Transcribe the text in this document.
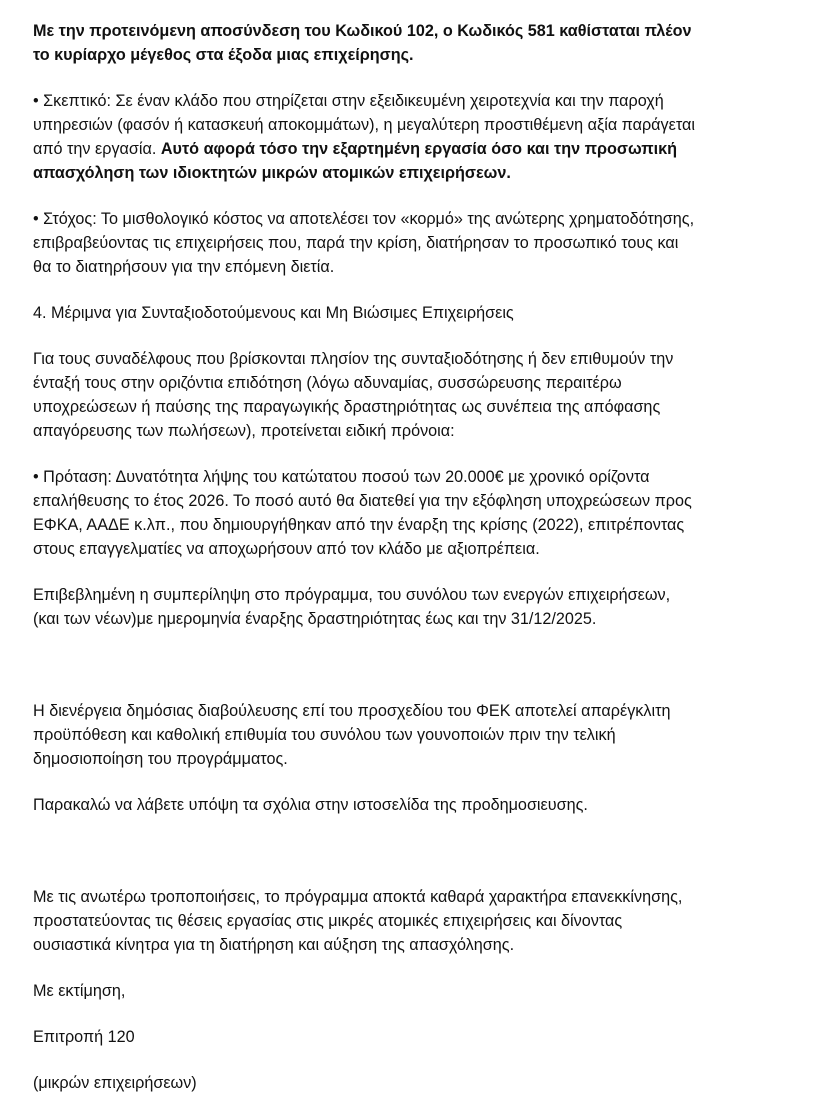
Με την προτεινόμενη αποσύνδεση του Κωδικού 102, ο Κωδικός 581 καθίσταται πλέον
το κυρίαρχο μέγεθος στα έξοδα μιας επιχείρησης.

• Σκεπτικό: Σε έναν κλάδο που στηρίζεται στην εξειδικευμένη χειροτεχνία και την παροχή
υπηρεσιών (φασόν ή κατασκευή αποκομμάτων), η μεγαλύτερη προστιθέμενη αξία παράγεται
από την εργασία. Αυτό αφορά τόσο την εξαρτημένη εργασία όσο και την προσωπική
απασχόληση των ιδιοκτητών μικρών ατομικών επιχειρήσεων.

• Στόχος: Το μισθολογικό κόστος να αποτελέσει τον «κορμό» της ανώτερης χρηματοδότησης,
επιβραβεύοντας τις επιχειρήσεις που, παρά την κρίση, διατήρησαν το προσωπικό τους και
θα το διατηρήσουν για την επόμενη διετία.

4. Μέριμνα για Συνταξιοδοτούμενους και Μη Βιώσιμες Επιχειρήσεις

Για τους συναδέλφους που βρίσκονται πλησίον της συνταξιοδότησης ή δεν επιθυμούν την
ένταξή τους στην οριζόντια επιδότηση (λόγω αδυναμίας, συσσώρευσης περαιτέρω
υποχρεώσεων ή παύσης της παραγωγικής δραστηριότητας ως συνέπεια της απόφασης
απαγόρευσης των πωλήσεων), προτείνεται ειδική πρόνοια:

• Πρόταση: Δυνατότητα λήψης του κατώτατου ποσού των 20.000€ με χρονικό ορίζοντα
επαλήθευσης το έτος 2026. Το ποσό αυτό θα διατεθεί για την εξόφληση υποχρεώσεων προς
ΕΦΚΑ, ΑΑΔΕ κ.λπ., που δημιουργήθηκαν από την έναρξη της κρίσης (2022), επιτρέποντας
στους επαγγελματίες να αποχωρήσουν από τον κλάδο με αξιοπρέπεια.

Επιβεβλημένη η συμπερίληψη στο πρόγραμμα, του συνόλου των ενεργών επιχειρήσεων,
(και των νέων)με ημερομηνία έναρξης δραστηριότητας έως και την 31/12/2025.

Η διενέργεια δημόσιας διαβούλευσης επί του προσχεδίου του ΦΕΚ αποτελεί απαρέγκλιτη
προϋπόθεση και καθολική επιθυμία του συνόλου των γουνοποιών πριν την τελική
δημοσιοποίηση του προγράμματος.

Παρακαλώ να λάβετε υπόψη τα σχόλια στην ιστοσελίδα της προδημοσιευσης.

Με τις ανωτέρω τροποποιήσεις, το πρόγραμμα αποκτά καθαρά χαρακτήρα επανεκκίνησης,
προστατεύοντας τις θέσεις εργασίας στις μικρές ατομικές επιχειρήσεις και δίνοντας
ουσιαστικά κίνητρα για τη διατήρηση και αύξηση της απασχόλησης.

Με εκτίμηση,

Επιτροπή 120

(μικρών επιχειρήσεων)
